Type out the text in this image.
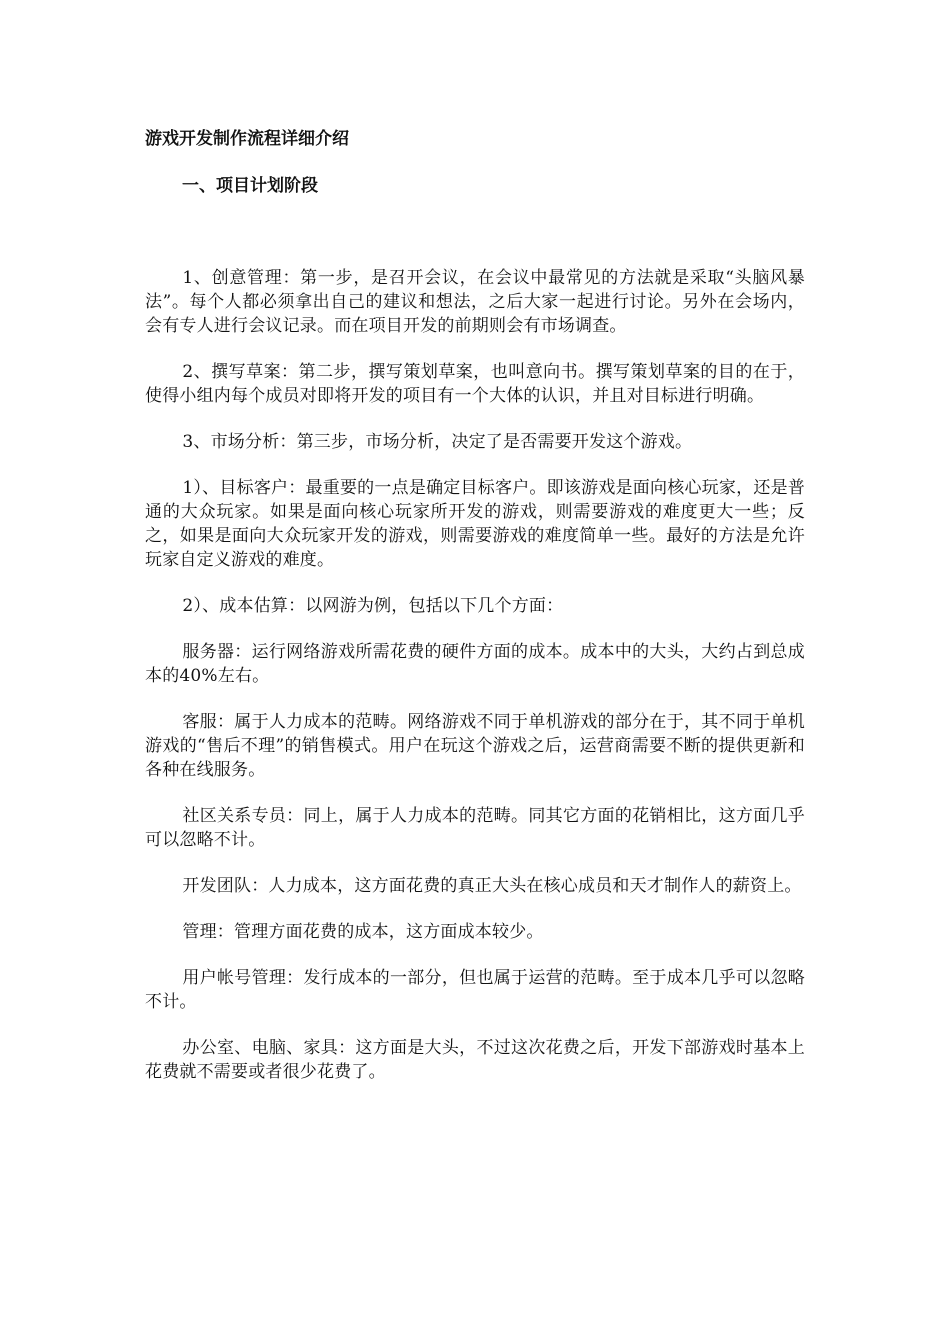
游戏开发制作流程详细介绍
一、项目计划阶段

1、创意管理：第一步，是召开会议，在会议中最常见的方法就是采取“头脑风暴法”。每个人都必须拿出自己的建议和想法，之后大家一起进行讨论。另外在会场内，会有专人进行会议记录。而在项目开发的前期则会有市场调查。

2、撰写草案：第二步，撰写策划草案，也叫意向书。撰写策划草案的目的在于，使得小组内每个成员对即将开发的项目有一个大体的认识，并且对目标进行明确。

3、市场分析：第三步，市场分析，决定了是否需要开发这个游戏。

1）、目标客户：最重要的一点是确定目标客户。即该游戏是面向核心玩家，还是普通的大众玩家。如果是面向核心玩家所开发的游戏，则需要游戏的难度更大一些；反之，如果是面向大众玩家开发的游戏，则需要游戏的难度简单一些。最好的方法是允许玩家自定义游戏的难度。

2）、成本估算：以网游为例，包括以下几个方面：

服务器：运行网络游戏所需花费的硬件方面的成本。成本中的大头，大约占到总成本的40%左右。

客服：属于人力成本的范畴。网络游戏不同于单机游戏的部分在于，其不同于单机游戏的“售后不理”的销售模式。用户在玩这个游戏之后，运营商需要不断的提供更新和各种在线服务。

社区关系专员：同上，属于人力成本的范畴。同其它方面的花销相比，这方面几乎可以忽略不计。

开发团队：人力成本，这方面花费的真正大头在核心成员和天才制作人的薪资上。

管理：管理方面花费的成本，这方面成本较少。

用户帐号管理：发行成本的一部分，但也属于运营的范畴。至于成本几乎可以忽略不计。

办公室、电脑、家具：这方面是大头，不过这次花费之后，开发下部游戏时基本上花费就不需要或者很少花费了。
